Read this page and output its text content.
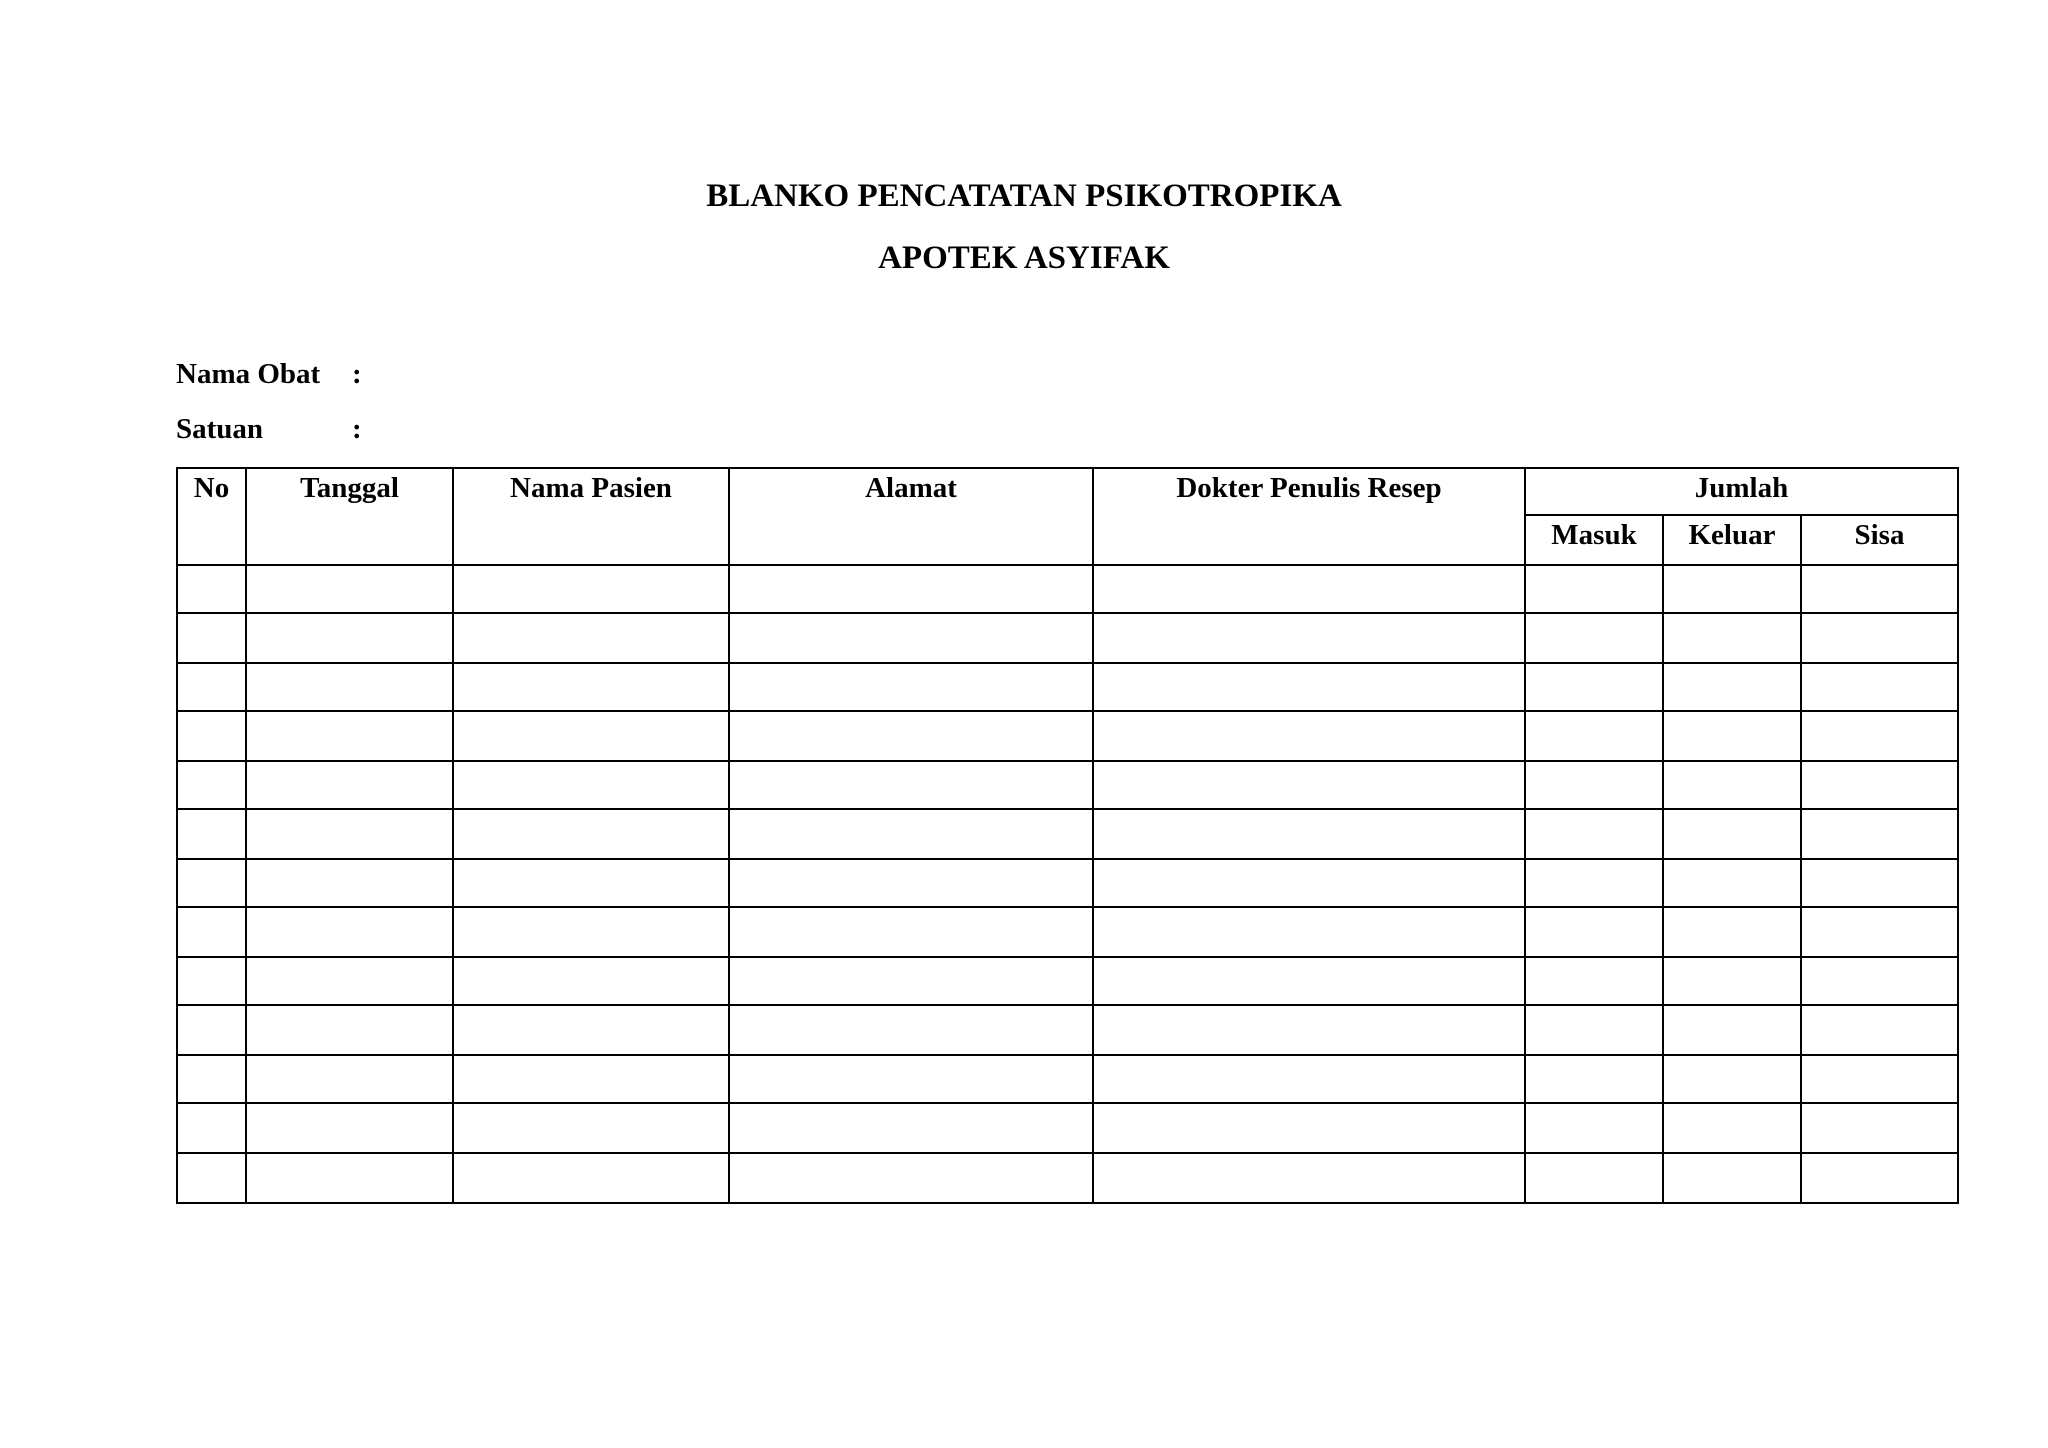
BLANKO PENCATATAN PSIKOTROPIKA
APOTEK ASYIFAK
Nama Obat :
Satuan	:
No	Tanggal	Nama Pasien	Alamat	Dokter Penulis Resep	Jumlah		
					Masuk	Keluar	Sisa
